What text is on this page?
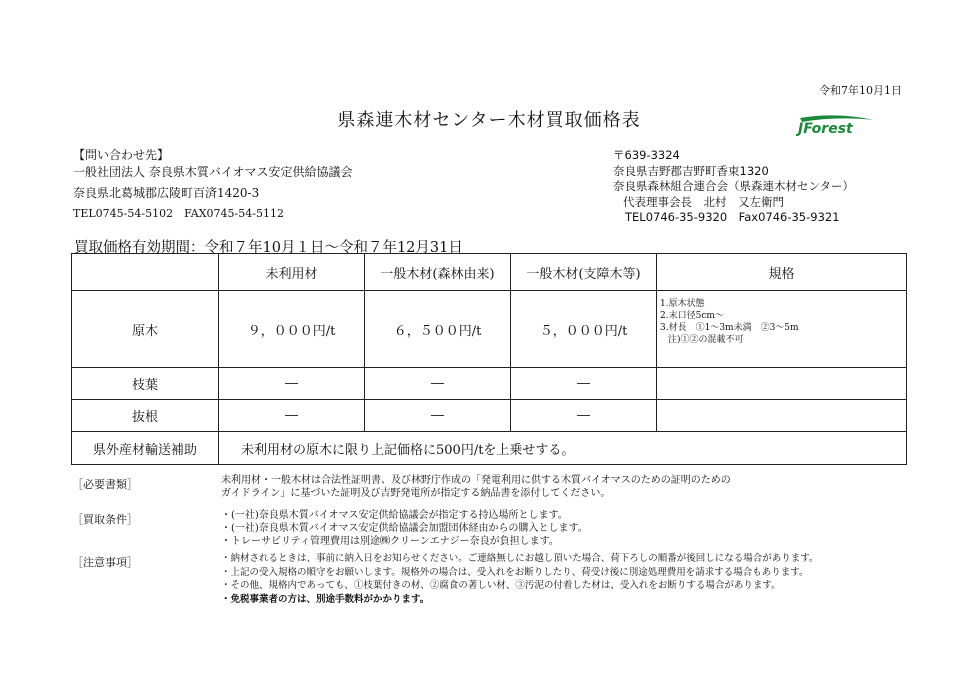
令和7年10月1日
県森連木材センター木材買取価格表	JForest
【問い合わせ先】
一般社団法人 奈良県木質バイオマス安定供給協議会
奈良県北葛城郡広陵町百済1420-3
TEL0745-54-5102　FAX0745-54-5112
〒639-3324
奈良県吉野郡吉野町香束1320
奈良県森林組合連合会（県森連木材センター）
代表理事会長　北村　又左衛門
TEL0746-35-9320　Fax0746-35-9321
買取価格有効期間：令和７年10月１日～令和７年12月31日
	未利用材	一般木材(森林由来)	一般木材(支障木等)	規格
原木	９，０００円/t	６，５００円/t	５，０００円/t	1.原木状態
2.末口径5cm～
3.材長　①1～3m未満　②3～5m
注)①②の混載不可

枝葉	―	―	―	
抜根	―	―	―	
県外産材輸送補助	未利用材の原木に限り上記価格に500円/tを上乗せする。			
［必要書類］	未利用材・一般木材は合法性証明書、及び林野庁作成の「発電利用に供する木質バイオマスのための証明のための
ガイドライン」に基づいた証明及び吉野発電所が指定する納品書を添付してください。
［買取条件］	・(一社)奈良県木質バイオマス安定供給協議会が指定する持込場所とします。
・(一社)奈良県木質バイオマス安定供給協議会加盟団体経由からの購入とします。
・トレーサビリティ管理費用は別途㈱クリーンエナジー奈良が負担します。
［注意事項］	・納材されるときは、事前に納入日をお知らせください。ご連絡無しにお越し頂いた場合、荷下ろしの順番が後回しになる場合があります。
・上記の受入規格の順守をお願いします。規格外の場合は、受入れをお断りしたり、荷受け後に別途処理費用を請求する場合もあります。
・その他、規格内であっても、①枝葉付きの材、②腐食の著しい材、③汚泥の付着した材は、受入れをお断りする場合があります。
・免税事業者の方は、別途手数料がかかります。
